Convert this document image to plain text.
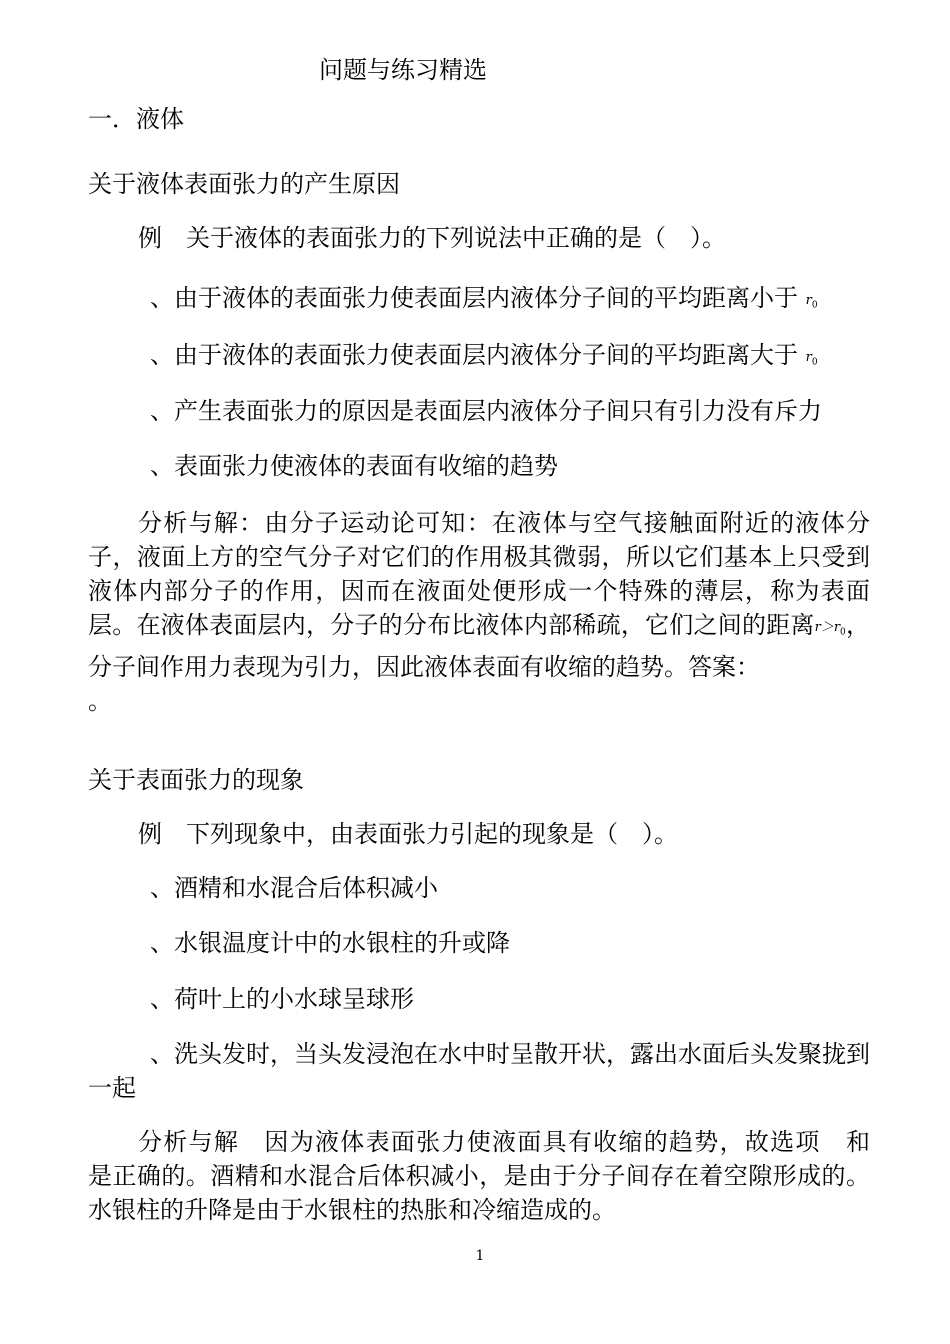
问题与练习精选
一．液体
关于液体表面张力的产生原因
例　关于液体的表面张力的下列说法中正确的是（　）。
、由于液体的表面张力使表面层内液体分子间的平均距离小于 $r_0$
、由于液体的表面张力使表面层内液体分子间的平均距离大于 $r_0$
、产生表面张力的原因是表面层内液体分子间只有引力没有斥力
、表面张力使液体的表面有收缩的趋势
分析与解：由分子运动论可知：在液体与空气接触面附近的液体分子，液面上方的空气分子对它们的作用极其微弱，所以它们基本上只受到液体内部分子的作用，因而在液面处便形成一个特殊的薄层，称为表面层。在液体表面层内，分子的分布比液体内部稀疏，它们之间的距离$r>r_0$，分子间作用力表现为引力，因此液体表面有收缩的趋势。答案：
。
关于表面张力的现象
例　下列现象中，由表面张力引起的现象是（　）。
、酒精和水混合后体积减小
、水银温度计中的水银柱的升或降
、荷叶上的小水球呈球形
、洗头发时，当头发浸泡在水中时呈散开状，露出水面后头发聚拢到一起
分析与解　因为液体表面张力使液面具有收缩的趋势，故选项　和　是正确的。酒精和水混合后体积减小，是由于分子间存在着空隙形成的。水银柱的升降是由于水银柱的热胀和冷缩造成的。
1
